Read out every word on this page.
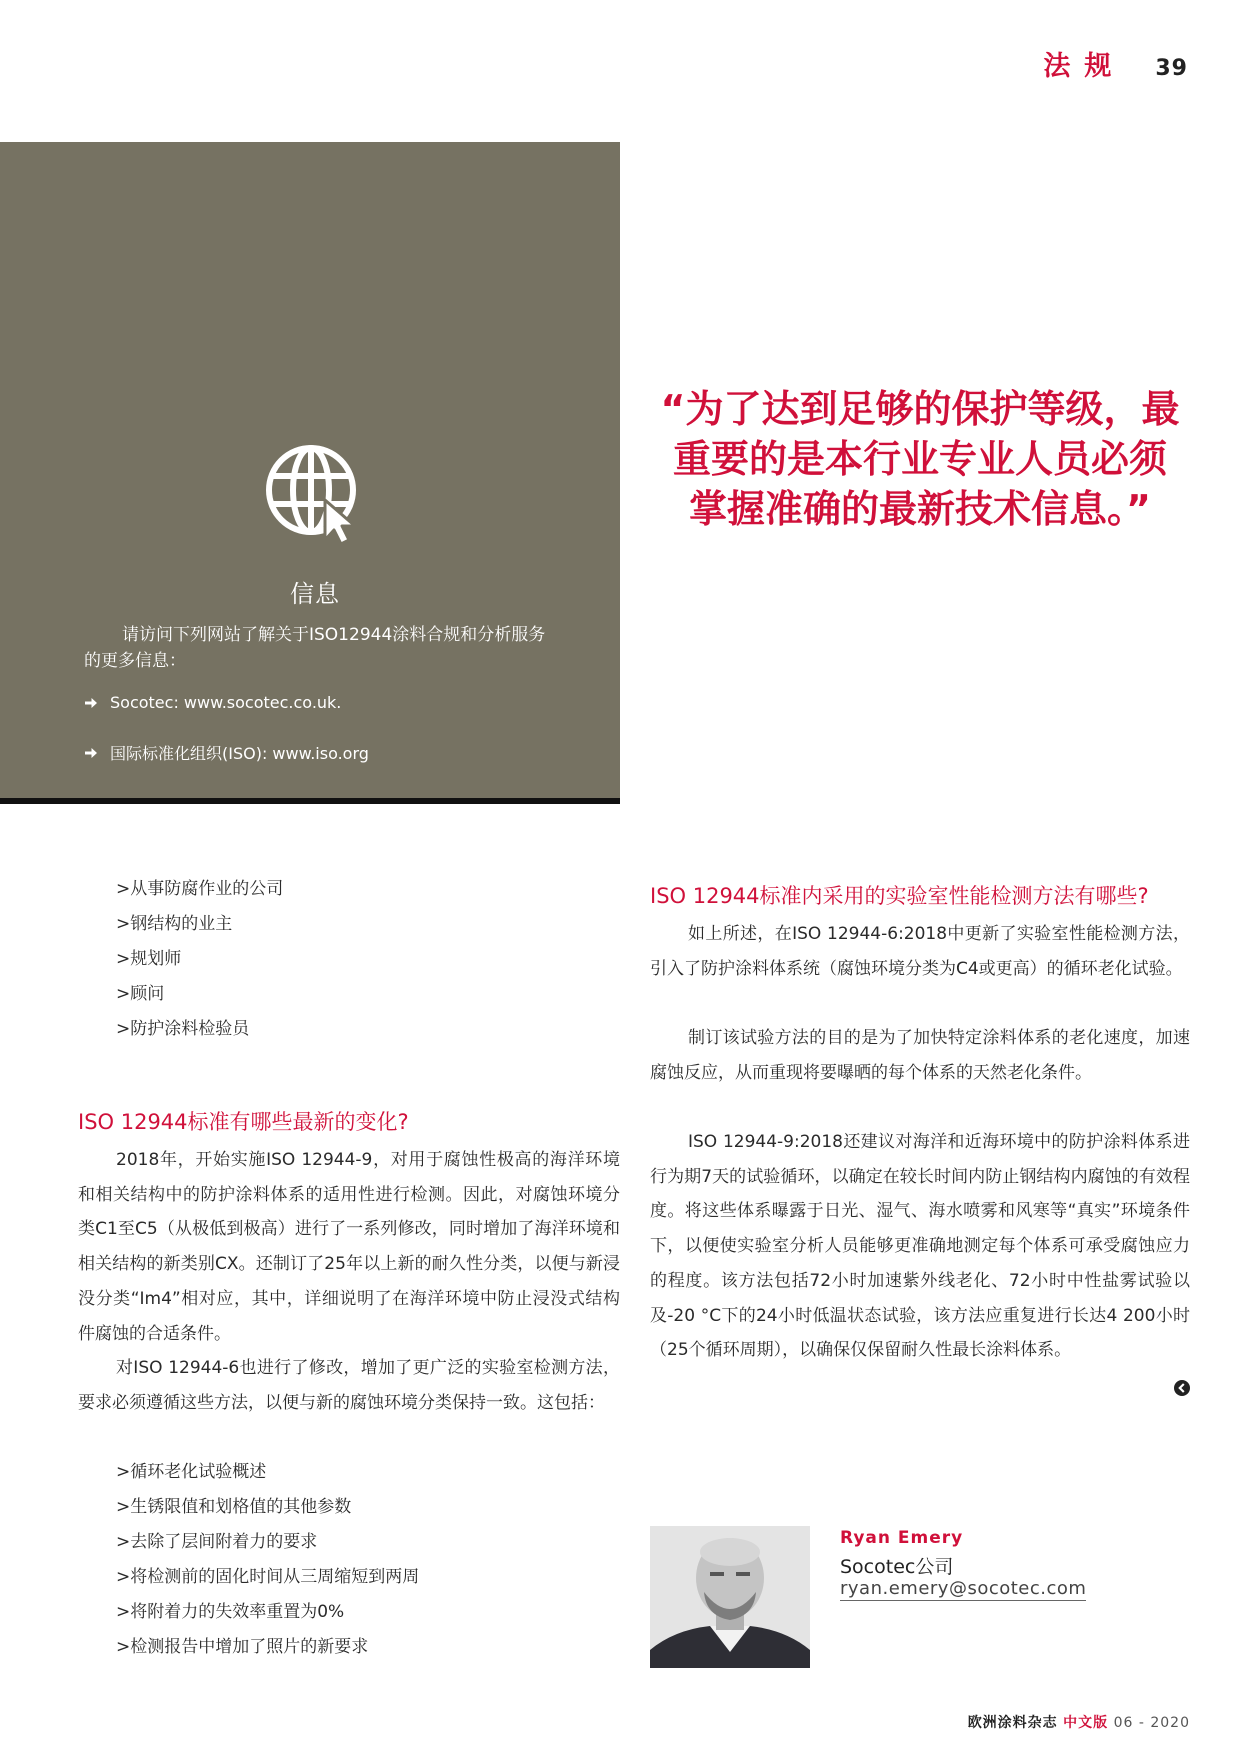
法规 39
信息

请访问下列网站了解关于ISO12944涂料合规和分析服务的更多信息：

Socotec: www.socotec.co.uk.
国际标准化组织(ISO): www.iso.org

“为了达到足够的保护等级，最重要的是本行业专业人员必须掌握准确的最新技术信息。”

>从事防腐作业的公司
>钢结构的业主
>规划师
>顾问
>防护涂料检验员
ISO 12944标准有哪些最新的变化?

2018年，开始实施ISO 12944-9，对用于腐蚀性极高的海洋环境和相关结构中的防护涂料体系的适用性进行检测。因此，对腐蚀环境分类C1至C5（从极低到极高）进行了一系列修改，同时增加了海洋环境和相关结构的新类别CX。还制订了25年以上新的耐久性分类，以便与新浸没分类“Im4”相对应，其中，详细说明了在海洋环境中防止浸没式结构件腐蚀的合适条件。

对ISO 12944-6也进行了修改，增加了更广泛的实验室检测方法，要求必须遵循这些方法，以便与新的腐蚀环境分类保持一致。这包括：

>循环老化试验概述
>生锈限值和划格值的其他参数
>去除了层间附着力的要求
>将检测前的固化时间从三周缩短到两周
>将附着力的失效率重置为0%
>检测报告中增加了照片的新要求
ISO 12944标准内采用的实验室性能检测方法有哪些?

如上所述，在ISO 12944-6:2018中更新了实验室性能检测方法，引入了防护涂料体系统（腐蚀环境分类为C4或更高）的循环老化试验。

制订该试验方法的目的是为了加快特定涂料体系的老化速度，加速腐蚀反应，从而重现将要曝晒的每个体系的天然老化条件。

ISO 12944-9:2018还建议对海洋和近海环境中的防护涂料体系进行为期7天的试验循环，以确定在较长时间内防止钢结构内腐蚀的有效程度。将这些体系曝露于日光、湿气、海水喷雾和风寒等“真实”环境条件下，以便使实验室分析人员能够更准确地测定每个体系可承受腐蚀应力的程度。该方法包括72小时加速紫外线老化、72小时中性盐雾试验以及-20 °C下的24小时低温状态试验，该方法应重复进行长达4 200小时（25个循环周期），以确保仅保留耐久性最长涂料体系。

Ryan Emery
Socotec公司
ryan.emery@socotec.com
欧洲涂料杂志 中文版 06 - 2020
